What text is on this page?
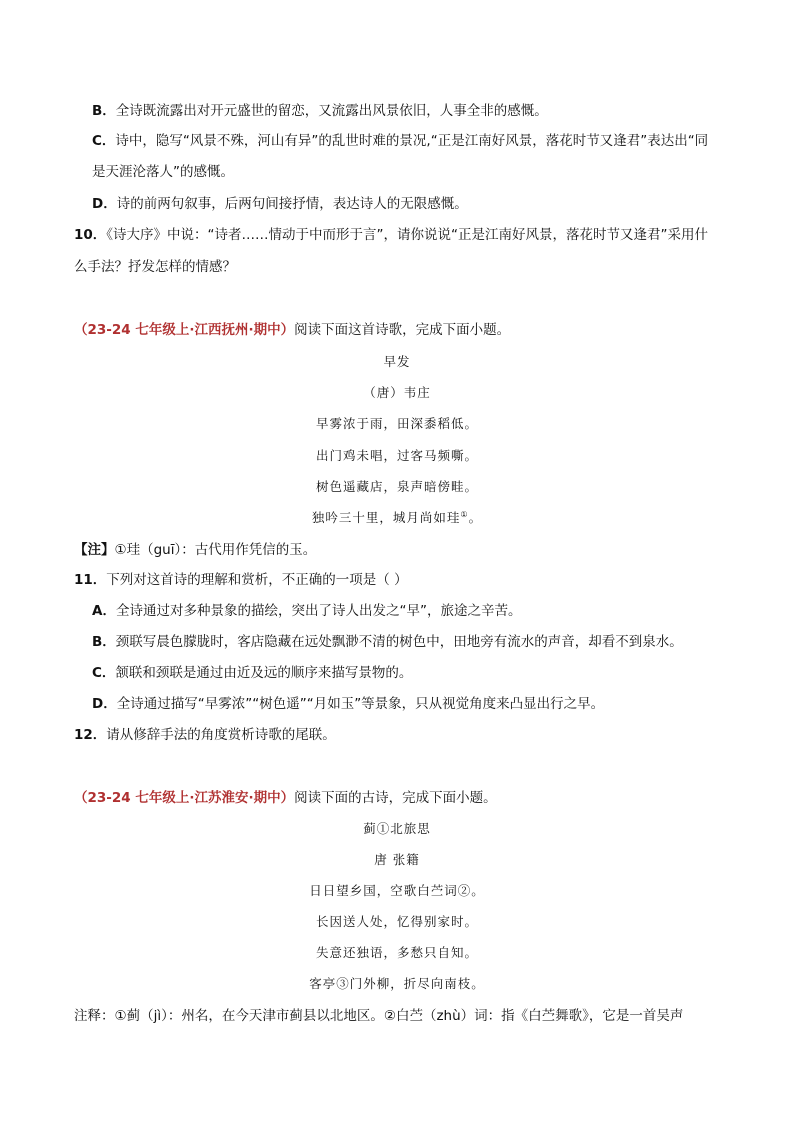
B．全诗既流露出对开元盛世的留恋，又流露出风景依旧，人事全非的感慨。
C．诗中，隐写“风景不殊，河山有异”的乱世时难的景况,“正是江南好风景，落花时节又逢君”表达出“同
是天涯沦落人”的感慨。
D．诗的前两句叙事，后两句间接抒情，表达诗人的无限感慨。
10．《诗大序》中说：“诗者……情动于中而形于言”，请你说说“正是江南好风景，落花时节又逢君”采用什
么手法？抒发怎样的情感？
（23-24 七年级上·江西抚州·期中）阅读下面这首诗歌，完成下面小题。
早发
（唐）韦庄
早雾浓于雨，田深黍稻低。
出门鸡未唱，过客马频嘶。
树色遥藏店，泉声暗傍畦。
独吟三十里，城月尚如珪①。
【注】①珪（guī）：古代用作凭信的玉。
11．下列对这首诗的理解和赏析，不正确的一项是（ ）
A．全诗通过对多种景象的描绘，突出了诗人出发之“早”，旅途之辛苦。
B．颈联写晨色朦胧时，客店隐藏在远处飘渺不清的树色中，田地旁有流水的声音，却看不到泉水。
C．颔联和颈联是通过由近及远的顺序来描写景物的。
D．全诗通过描写“早雾浓”“树色遥”“月如玉”等景象，只从视觉角度来凸显出行之早。
12．请从修辞手法的角度赏析诗歌的尾联。
（23-24 七年级上·江苏淮安·期中）阅读下面的古诗，完成下面小题。
蓟①北旅思
唐 张籍
日日望乡国，空歌白苎词②。
长因送人处，忆得别家时。
失意还独语，多愁只自知。
客亭③门外柳，折尽向南枝。
注释：①蓟（jì）：州名，在今天津市蓟县以北地区。②白苎（zhù）词：指《白苎舞歌》，它是一首吴声
